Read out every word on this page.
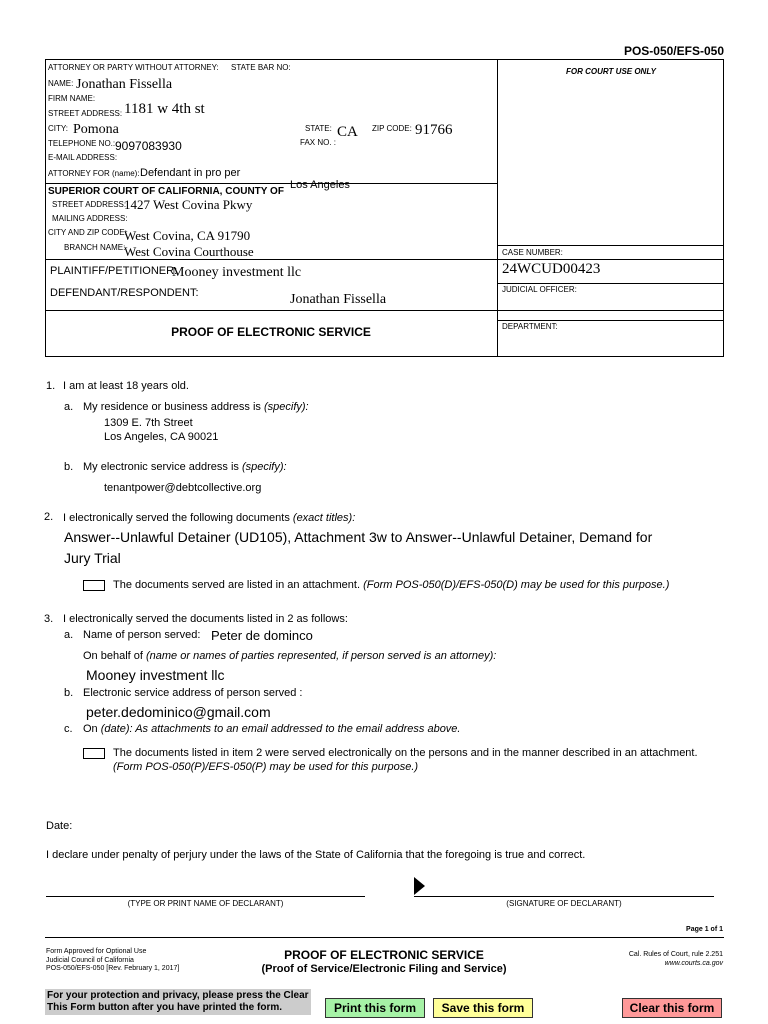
POS-050/EFS-050
ATTORNEY OR PARTY WITHOUT ATTORNEY: STATE BAR NO:
NAME: Jonathan Fissella
FIRM NAME:
STREET ADDRESS: 1181 w 4th st
CITY: Pomona	STATE: CA ZIP CODE: 91766
TELEPHONE NO.: 9097083930	FAX NO. :
E-MAIL ADDRESS:
ATTORNEY FOR (name): Defendant in pro per
FOR COURT USE ONLY
SUPERIOR COURT OF CALIFORNIA, COUNTY OF
Los Angeles
STREET ADDRESS:
1427 West Covina Pkwy
MAILING ADDRESS:
CITY AND ZIP CODE:
West Covina, CA 91790
BRANCH NAME:
West Covina Courthouse
PLAINTIFF/PETITIONER:
Mooney investment llc
DEFENDANT/RESPONDENT:	Jonathan Fissella
CASE NUMBER:
24WCUD00423
JUDICIAL OFFICER:
DEPARTMENT:
PROOF OF ELECTRONIC SERVICE
1. I am at least 18 years old.
a. My residence or business address is (specify):
1309 E. 7th Street
Los Angeles, CA 90021
b. My electronic service address is (specify):
tenantpower@debtcollective.org
2. I electronically served the following documents (exact titles):
Answer--Unlawful Detainer (UD105), Attachment 3w to Answer--Unlawful Detainer, Demand for
Jury Trial
The documents served are listed in an attachment. (Form POS-050(D)/EFS-050(D) may be used for this purpose.)
3. I electronically served the documents listed in 2 as follows:
a. Name of person served: Peter de dominco
On behalf of (name or names of parties represented, if person served is an attorney):
Mooney investment llc
b. Electronic service address of person served :
peter.dedominico@gmail.com
c. On (date): As attachments to an email addressed to the email address above.
The documents listed in item 2 were served electronically on the persons and in the manner described in an attachment.
(Form POS-050(P)/EFS-050(P) may be used for this purpose.)
Date:
I declare under penalty of perjury under the laws of the State of California that the foregoing is true and correct.
(TYPE OR PRINT NAME OF DECLARANT)	(SIGNATURE OF DECLARANT)
Page 1 of 1
Form Approved for Optional Use
Judicial Council of California
POS-050/EFS-050 [Rev. February 1, 2017]
PROOF OF ELECTRONIC SERVICE
(Proof of Service/Electronic Filing and Service)
Cal. Rules of Court, rule 2.251
www.courts.ca.gov
For your protection and privacy, please press the Clear
This Form button after you have printed the form.	Print this form	Save this form	Clear this form
